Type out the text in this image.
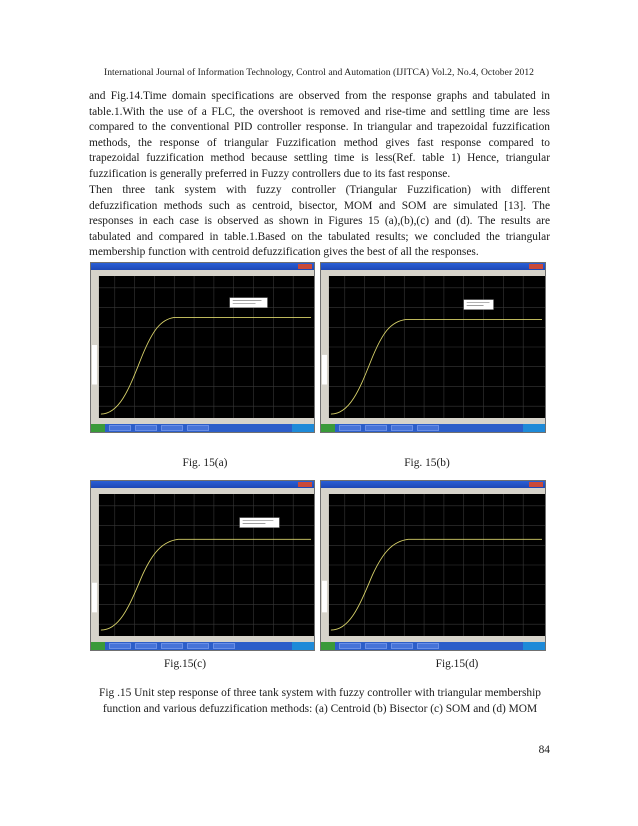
International Journal of Information Technology, Control and Automation (IJITCA) Vol.2, No.4, October 2012

and Fig.14.Time domain specifications are observed from the response graphs and tabulated in table.1.With the use of a FLC, the overshoot is removed and rise-time and settling time are less compared to the conventional PID controller response. In triangular and trapezoidal fuzzification methods, the response of triangular Fuzzification method gives fast response compared to trapezoidal fuzzification method because settling time is less(Ref. table 1) Hence, triangular fuzzification is generally preferred in Fuzzy controllers due to its fast response.

Then three tank system with fuzzy controller (Triangular Fuzzification) with different defuzzification methods such as centroid, bisector, MOM and SOM are simulated [13]. The responses in each case is observed as shown in Figures 15 (a),(b),(c) and (d). The results are tabulated and compared in table.1.Based on the tabulated results; we concluded the triangular membership function with centroid defuzzification gives the best of all the responses.

Fig. 15(a)	Fig. 15(b)
Fig.15(c)	Fig.15(d)
Fig .15 Unit step response of three tank system with fuzzy controller with triangular membership function and various defuzzification methods: (a) Centroid (b) Bisector (c) SOM and (d) MOM
84
